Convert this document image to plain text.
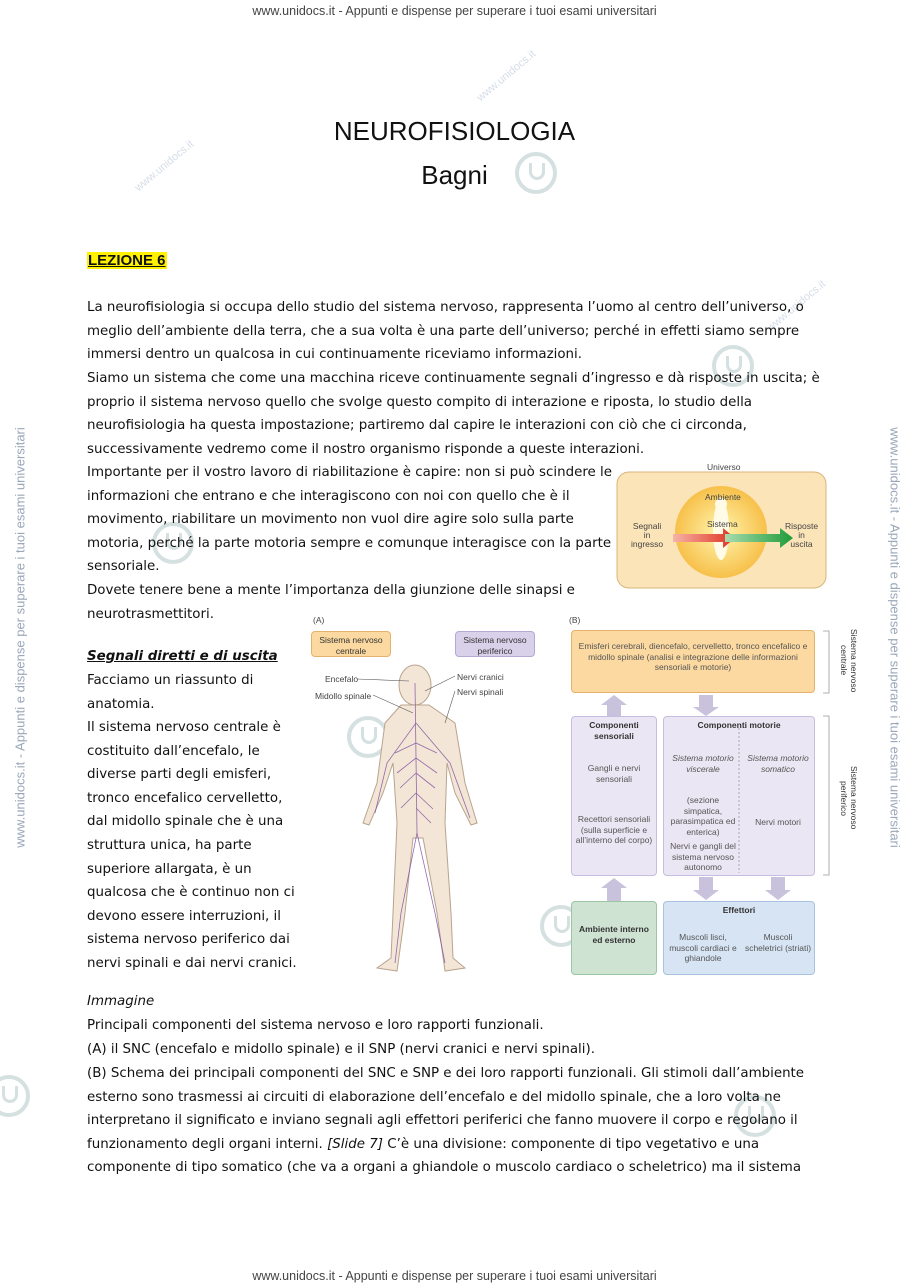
www.unidocs.it - Appunti e dispense per superare i tuoi esami universitari
www.unidocs.it - Appunti e dispense per superare i tuoi esami universitari
www.unidocs.it - Appunti e dispense per superare i tuoi esami universitari	www.unidocs.it - Appunti e dispense per superare i tuoi esami universitari
www.unidocs.it
www.unidocs.it
www.unidocs.it
NEUROFISIOLOGIA
Bagni
LEZIONE 6

La neurofisiologia si occupa dello studio del sistema nervoso, rappresenta l’uomo al centro dell’universo, o meglio dell’ambiente della terra, che a sua volta è una parte dell’universo; perché in effetti siamo sempre immersi dentro un qualcosa in cui continuamente riceviamo informazioni.

Siamo un sistema che come una macchina riceve continuamente segnali d’ingresso e dà risposte in uscita; è proprio il sistema nervoso quello che svolge questo compito di interazione e riposta, lo studio della neurofisiologia ha questa impostazione; partiremo dal capire le interazioni con ciò che ci circonda, successivamente vedremo come il nostro organismo risponde a queste interazioni.

Importante per il vostro lavoro di riabilitazione è capire: non si può scindere le informazioni che entrano e che interagiscono con noi con quello che è il movimento, riabilitare un movimento non vuol dire agire solo sulla parte motoria, perché la parte motoria sempre e comunque interagisce con la parte sensoriale.

Dovete tenere bene a mente l’importanza della giunzione delle sinapsi e neurotrasmettitori.

Segnali diretti e di uscita

Facciamo un riassunto di anatomia.

Il sistema nervoso centrale è costituito dall’encefalo, le diverse parti degli emisferi, tronco encefalico cervelletto, dal midollo spinale che è una struttura unica, ha parte superiore allargata, è un qualcosa che è continuo non ci devono essere interruzioni, il sistema nervoso periferico dai nervi spinali e dai nervi cranici.

Immagine

Principali componenti del sistema nervoso e loro rapporti funzionali.

(A) il SNC (encefalo e midollo spinale) e il SNP (nervi cranici e nervi spinali).

(B) Schema dei principali componenti del SNC e SNP e dei loro rapporti funzionali. Gli stimoli dall’ambiente esterno sono trasmessi ai circuiti di elaborazione dell’encefalo e del midollo spinale, che a loro volta ne interpretano il significato e inviano segnali agli effettori periferici che fanno muovere il corpo e regolano il funzionamento degli organi interni. [Slide 7] C’è una divisione: componente di tipo vegetativo e una componente di tipo somatico (che va a organi a ghiandole o muscolo cardiaco o scheletrico) ma il sistema

Universo
Ambiente
Sistema
Segnali
in
ingresso
Risposte
in
uscita
(A)
Sistema nervoso centrale
Sistema nervoso periferico
Encefalo
Midollo spinale
Nervi cranici
Nervi spinali
(B)
Emisferi cerebrali, diencefalo, cervelletto, tronco encefalico e midollo spinale (analisi e integrazione delle informazioni sensoriali e motorie)	Sistema nervoso centrale
Sistema nervoso periferico
Componenti sensoriali
Gangli e nervi sensoriali
Recettori sensoriali (sulla superficie e all’interno del corpo)
Componenti motorie
Sistema motorio viscerale
Sistema motorio somatico
(sezione simpatica, parasimpatica ed enterica)
Nervi motori
Nervi e gangli del sistema nervoso autonomo
Ambiente interno ed esterno
Effettori
Muscoli lisci, muscoli cardiaci e ghiandole
Muscoli scheletrici (striati)
